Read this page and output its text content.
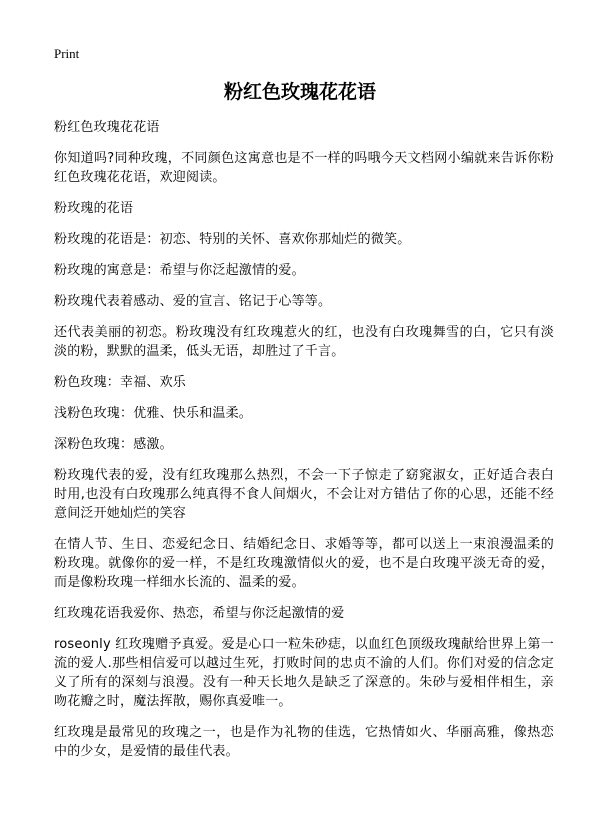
Print
粉红色玫瑰花花语

粉红色玫瑰花花语

你知道吗?同种玫瑰，不同颜色这寓意也是不一样的吗哦今天文档网小编就来告诉你粉红色玫瑰花花语，欢迎阅读。

粉玫瑰的花语

粉玫瑰的花语是：初恋、特别的关怀、喜欢你那灿烂的微笑。

粉玫瑰的寓意是：希望与你泛起激情的爱。

粉玫瑰代表着感动、爱的宣言、铭记于心等等。

还代表美丽的初恋。粉玫瑰没有红玫瑰惹火的红，也没有白玫瑰舞雪的白，它只有淡淡的粉，默默的温柔，低头无语，却胜过了千言。

粉色玫瑰：幸福、欢乐

浅粉色玫瑰：优雅、快乐和温柔。

深粉色玫瑰：感激。

粉玫瑰代表的爱，没有红玫瑰那么热烈，不会一下子惊走了窈窕淑女，正好适合表白时用,也没有白玫瑰那么纯真得不食人间烟火，不会让对方错估了你的心思，还能不经意间泛开她灿烂的笑容

在情人节、生日、恋爱纪念日、结婚纪念日、求婚等等，都可以送上一束浪漫温柔的粉玫瑰。就像你的爱一样，不是红玫瑰激情似火的爱，也不是白玫瑰平淡无奇的爱，而是像粉玫瑰一样细水长流的、温柔的爱。

红玫瑰花语我爱你、热恋，希望与你泛起激情的爱

roseonly 红玫瑰赠予真爱。爱是心口一粒朱砂痣，以血红色顶级玫瑰献给世界上第一流的爱人.那些相信爱可以越过生死，打败时间的忠贞不渝的人们。你们对爱的信念定义了所有的深刻与浪漫。没有一种天长地久是缺乏了深意的。朱砂与爱相伴相生，亲吻花瓣之时，魔法挥散，赐你真爱唯一。

红玫瑰是最常见的玫瑰之一，也是作为礼物的佳选，它热情如火、华丽高雅，像热恋中的少女，是爱情的最佳代表。
